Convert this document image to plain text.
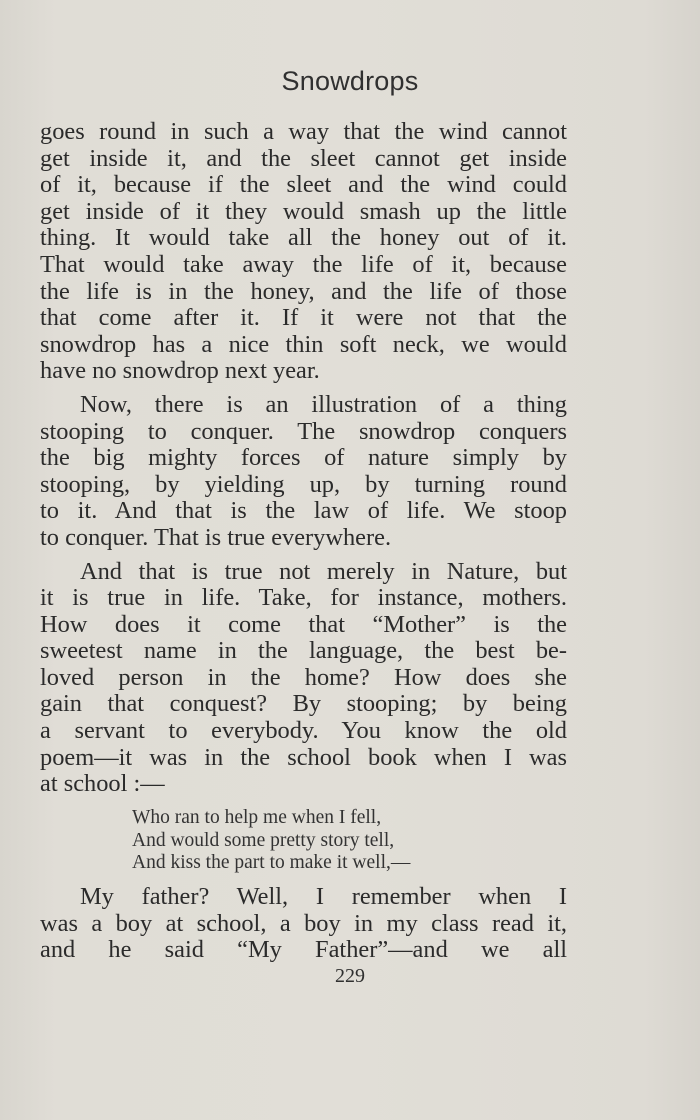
Snowdrops

goes round in such a way that the wind cannot
get inside it, and the sleet cannot get inside
of it, because if the sleet and the wind could
get inside of it they would smash up the little
thing. It would take all the honey out of it.
That would take away the life of it, because
the life is in the honey, and the life of those
that come after it. If it were not that the
snowdrop has a nice thin soft neck, we would
have no snowdrop next year.

Now, there is an illustration of a thing
stooping to conquer. The snowdrop conquers
the big mighty forces of nature simply by
stooping, by yielding up, by turning round
to it. And that is the law of life. We stoop
to conquer. That is true everywhere.

And that is true not merely in Nature, but
it is true in life. Take, for instance, mothers.
How does it come that “Mother” is the
sweetest name in the language, the best be-
loved person in the home? How does she
gain that conquest? By stooping; by being
a servant to everybody. You know the old
poem—it was in the school book when I was
at school :—

Who ran to help me when I fell,
And would some pretty story tell,
And kiss the part to make it well,—

My father? Well, I remember when I
was a boy at school, a boy in my class read it,
and he said “My Father”—and we all

229
